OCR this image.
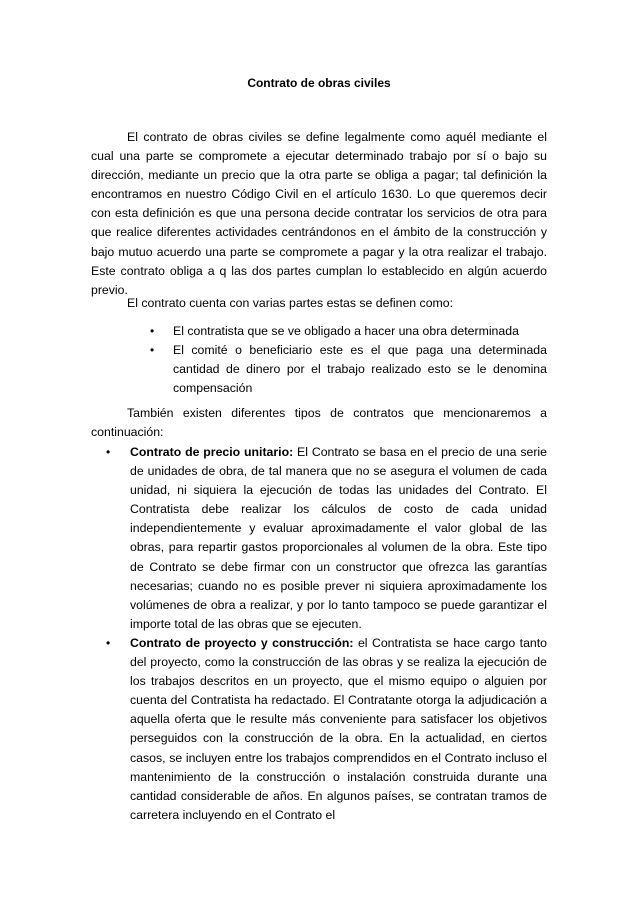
Contrato de obras civiles

El contrato de obras civiles se define legalmente como aquél mediante el cual una parte se compromete a ejecutar determinado trabajo por sí o bajo su dirección, mediante un precio que la otra parte se obliga a pagar; tal definición la encontramos en nuestro Código Civil en el artículo 1630. Lo que queremos decir con esta definición es que una persona decide contratar los servicios de otra para que realice diferentes actividades centrándonos en el ámbito de la construcción y bajo mutuo acuerdo una parte se compromete a pagar y la otra realizar el trabajo. Este contrato obliga a q las dos partes cumplan lo establecido en algún acuerdo previo.

El contrato cuenta con varias partes estas se definen como:

• El contratista que se ve obligado a hacer una obra determinada
• El comité o beneficiario este es el que paga una determinada cantidad de dinero por el trabajo realizado esto se le denomina compensación

También existen diferentes tipos de contratos que mencionaremos a continuación:

• Contrato de precio unitario: El Contrato se basa en el precio de una serie de unidades de obra, de tal manera que no se asegura el volumen de cada unidad, ni siquiera la ejecución de todas las unidades del Contrato. El Contratista debe realizar los cálculos de costo de cada unidad independientemente y evaluar aproximadamente el valor global de las obras, para repartir gastos proporcionales al volumen de la obra. Este tipo de Contrato se debe firmar con un constructor que ofrezca las garantías necesarias; cuando no es posible prever ni siquiera aproximadamente los volúmenes de obra a realizar, y por lo tanto tampoco se puede garantizar el importe total de las obras que se ejecuten.
• Contrato de proyecto y construcción: el Contratista se hace cargo tanto del proyecto, como la construcción de las obras y se realiza la ejecución de los trabajos descritos en un proyecto, que el mismo equipo o alguien por cuenta del Contratista ha redactado. El Contratante otorga la adjudicación a aquella oferta que le resulte más conveniente para satisfacer los objetivos perseguidos con la construcción de la obra. En la actualidad, en ciertos casos, se incluyen entre los trabajos comprendidos en el Contrato incluso el mantenimiento de la construcción o instalación construida durante una cantidad considerable de años. En algunos países, se contratan tramos de carretera incluyendo en el Contrato el
